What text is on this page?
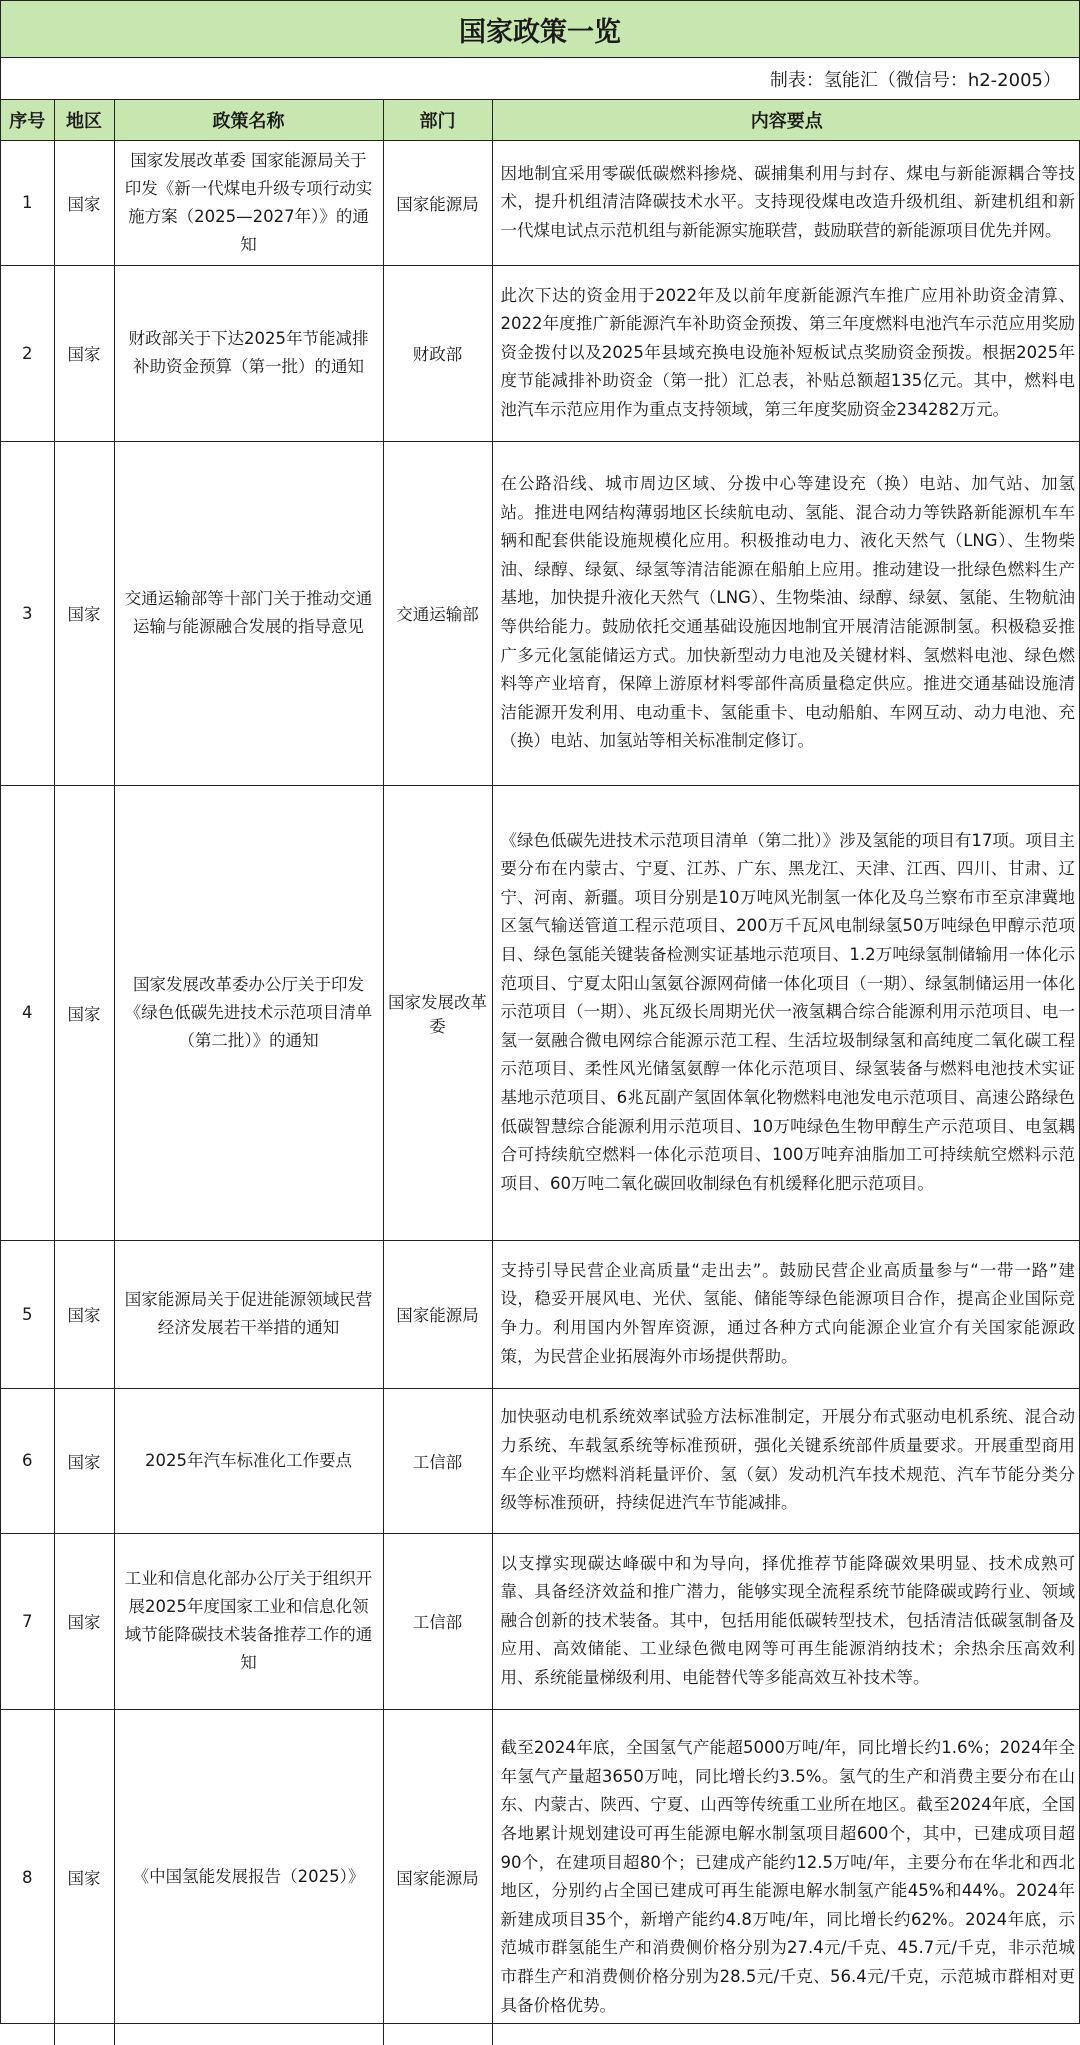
国家政策一览
制表：氢能汇（微信号：h2-2005）
序号	地区	政策名称	部门	内容要点
1	国家	国家发展改革委 国家能源局关于印发《新一代煤电升级专项行动实施方案（2025—2027年）》的通知	国家能源局	因地制宜采用零碳低碳燃料掺烧、碳捕集利用与封存、煤电与新能源耦合等技术，提升机组清洁降碳技术水平。支持现役煤电改造升级机组、新建机组和新一代煤电试点示范机组与新能源实施联营，鼓励联营的新能源项目优先并网。
2	国家	财政部关于下达2025年节能减排补助资金预算（第一批）的通知	财政部	此次下达的资金用于2022年及以前年度新能源汽车推广应用补助资金清算、2022年度推广新能源汽车补助资金预拨、第三年度燃料电池汽车示范应用奖励资金拨付以及2025年县域充换电设施补短板试点奖励资金预拨。根据2025年度节能减排补助资金（第一批）汇总表，补贴总额超135亿元。其中，燃料电池汽车示范应用作为重点支持领域，第三年度奖励资金234282万元。
3	国家	交通运输部等十部门关于推动交通运输与能源融合发展的指导意见	交通运输部	在公路沿线、城市周边区域、分拨中心等建设充（换）电站、加气站、加氢站。推进电网结构薄弱地区长续航电动、氢能、混合动力等铁路新能源机车车辆和配套供能设施规模化应用。积极推动电力、液化天然气（LNG）、生物柴油、绿醇、绿氨、绿氢等清洁能源在船舶上应用。推动建设一批绿色燃料生产基地，加快提升液化天然气（LNG）、生物柴油、绿醇、绿氨、氢能、生物航油等供给能力。鼓励依托交通基础设施因地制宜开展清洁能源制氢。积极稳妥推广多元化氢能储运方式。加快新型动力电池及关键材料、氢燃料电池、绿色燃料等产业培育，保障上游原材料零部件高质量稳定供应。推进交通基础设施清洁能源开发利用、电动重卡、氢能重卡、电动船舶、车网互动、动力电池、充（换）电站、加氢站等相关标准制定修订。
4	国家	国家发展改革委办公厅关于印发《绿色低碳先进技术示范项目清单（第二批）》的通知	国家发展改革委	《绿色低碳先进技术示范项目清单（第二批）》涉及氢能的项目有17项。项目主要分布在内蒙古、宁夏、江苏、广东、黑龙江、天津、江西、四川、甘肃、辽宁、河南、新疆。项目分别是10万吨风光制氢一体化及乌兰察布市至京津冀地区氢气输送管道工程示范项目、200万千瓦风电制绿氢50万吨绿色甲醇示范项目、绿色氢能关键装备检测实证基地示范项目、1.2万吨绿氢制储输用一体化示范项目、宁夏太阳山氢氨谷源网荷储一体化项目（一期）、绿氢制储运用一体化示范项目（一期）、兆瓦级长周期光伏一液氢耦合综合能源利用示范项目、电一氢一氨融合微电网综合能源示范工程、生活垃圾制绿氢和高纯度二氧化碳工程示范项目、柔性风光储氢氨醇一体化示范项目、绿氢装备与燃料电池技术实证基地示范项目、6兆瓦副产氢固体氧化物燃料电池发电示范项目、高速公路绿色低碳智慧综合能源利用示范项目、10万吨绿色生物甲醇生产示范项目、电氢耦合可持续航空燃料一体化示范项目、100万吨弃油脂加工可持续航空燃料示范项目、60万吨二氧化碳回收制绿色有机缓释化肥示范项目。
5	国家	国家能源局关于促进能源领域民营经济发展若干举措的通知	国家能源局	支持引导民营企业高质量“走出去”。鼓励民营企业高质量参与“一带一路”建设，稳妥开展风电、光伏、氢能、储能等绿色能源项目合作，提高企业国际竞争力。利用国内外智库资源，通过各种方式向能源企业宣介有关国家能源政策，为民营企业拓展海外市场提供帮助。
6	国家	2025年汽车标准化工作要点	工信部	加快驱动电机系统效率试验方法标准制定，开展分布式驱动电机系统、混合动力系统、车载氢系统等标准预研，强化关键系统部件质量要求。开展重型商用车企业平均燃料消耗量评价、氢（氨）发动机汽车技术规范、汽车节能分类分级等标准预研，持续促进汽车节能减排。
7	国家	工业和信息化部办公厅关于组织开展2025年度国家工业和信息化领域节能降碳技术装备推荐工作的通知	工信部	以支撑实现碳达峰碳中和为导向，择优推荐节能降碳效果明显、技术成熟可靠、具备经济效益和推广潜力，能够实现全流程系统节能降碳或跨行业、领域融合创新的技术装备。其中，包括用能低碳转型技术，包括清洁低碳氢制备及应用、高效储能、工业绿色微电网等可再生能源消纳技术；余热余压高效利用、系统能量梯级利用、电能替代等多能高效互补技术等。
8	国家	《中国氢能发展报告（2025）》	国家能源局	截至2024年底，全国氢气产能超5000万吨/年，同比增长约1.6%；2024年全年氢气产量超3650万吨，同比增长约3.5%。氢气的生产和消费主要分布在山东、内蒙古、陕西、宁夏、山西等传统重工业所在地区。截至2024年底，全国各地累计规划建设可再生能源电解水制氢项目超600个，其中，已建成项目超90个，在建项目超80个；已建成产能约12.5万吨/年，主要分布在华北和西北地区，分别约占全国已建成可再生能源电解水制氢产能45%和44%。2024年新建成项目35个，新增产能约4.8万吨/年，同比增长约62%。2024年底，示范城市群氢能生产和消费侧价格分别为27.4元/千克、45.7元/千克，非示范城市群生产和消费侧价格分别为28.5元/千克、56.4元/千克，示范城市群相对更具备价格优势。
